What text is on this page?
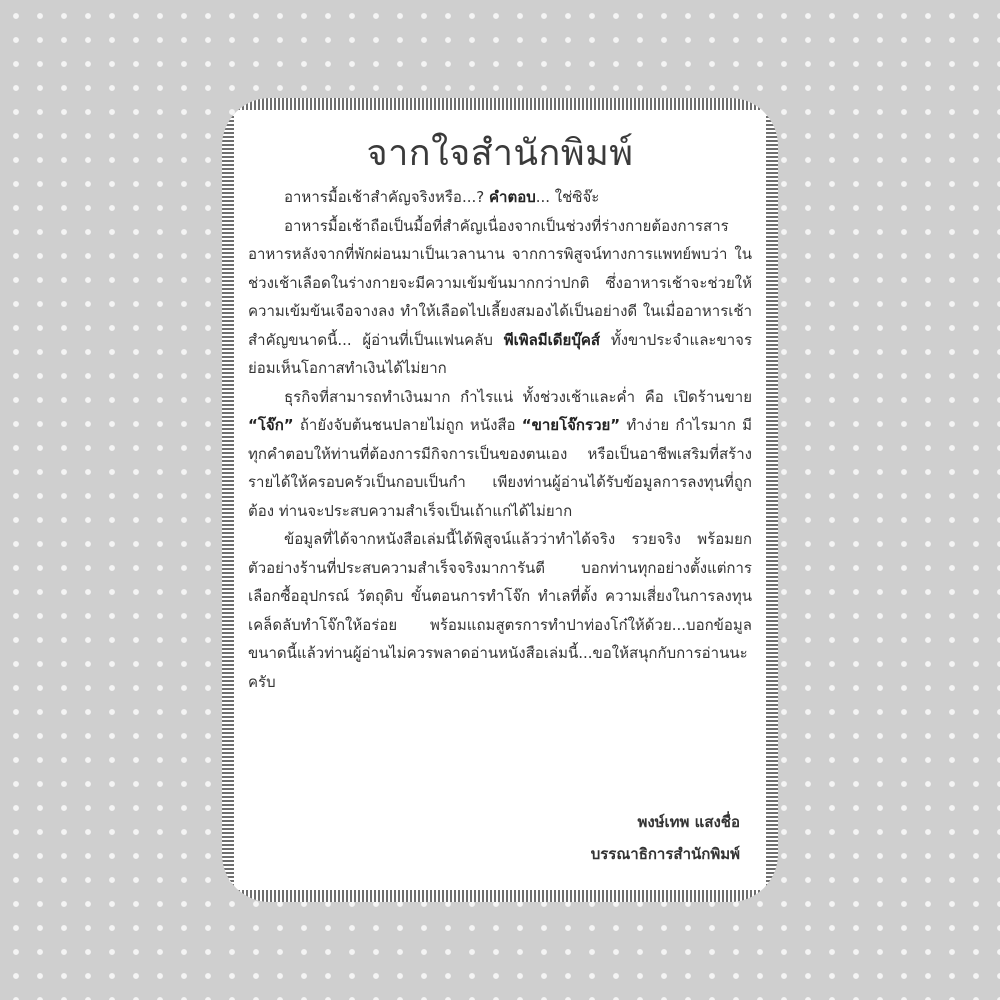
จากใจสำนักพิมพ์

อาหารมื้อเช้าสำคัญจริงหรือ...? คำตอบ... ใช่ซิจ๊ะ

อาหารมื้อเช้าถือเป็นมื้อที่สำคัญเนื่องจากเป็นช่วงที่ร่างกายต้องการสารอาหารหลังจากที่พักผ่อนมาเป็นเวลานาน จากการพิสูจน์ทางการแพทย์พบว่า ในช่วงเช้าเลือดในร่างกายจะมีความเข้มข้นมากกว่าปกติ ซึ่งอาหารเช้าจะช่วยให้ความเข้มข้นเจือจางลง ทำให้เลือดไปเลี้ยงสมองได้เป็นอย่างดี ในเมื่ออาหารเช้าสำคัญขนาดนี้... ผู้อ่านที่เป็นแฟนคลับ พีเพิลมีเดียบุ๊คส์ ทั้งขาประจำและขาจรย่อมเห็นโอกาสทำเงินได้ไม่ยาก

ธุรกิจที่สามารถทำเงินมาก กำไรแน่ ทั้งช่วงเช้าและค่ำ คือ เปิดร้านขาย “โจ๊ก” ถ้ายังจับต้นชนปลายไม่ถูก หนังสือ “ขายโจ๊กรวย” ทำง่าย กำไรมาก มีทุกคำตอบให้ท่านที่ต้องการมีกิจการเป็นของตนเอง หรือเป็นอาชีพเสริมที่สร้างรายได้ให้ครอบครัวเป็นกอบเป็นกำ เพียงท่านผู้อ่านได้รับข้อมูลการลงทุนที่ถูกต้อง ท่านจะประสบความสำเร็จเป็นเถ้าแก่ได้ไม่ยาก

ข้อมูลที่ได้จากหนังสือเล่มนี้ได้พิสูจน์แล้วว่าทำได้จริง รวยจริง พร้อมยกตัวอย่างร้านที่ประสบความสำเร็จจริงมาการันตี บอกท่านทุกอย่างตั้งแต่การเลือกซื้ออุปกรณ์ วัตถุดิบ ขั้นตอนการทำโจ๊ก ทำเลที่ตั้ง ความเสี่ยงในการลงทุน เคล็ดลับทำโจ๊กให้อร่อย พร้อมแถมสูตรการทำปาท่องโก๋ให้ด้วย...บอกข้อมูลขนาดนี้แล้วท่านผู้อ่านไม่ควรพลาดอ่านหนังสือเล่มนี้...ขอให้สนุกกับการอ่านนะครับ

พงษ์เทพ แสงชื่อ
บรรณาธิการสำนักพิมพ์
